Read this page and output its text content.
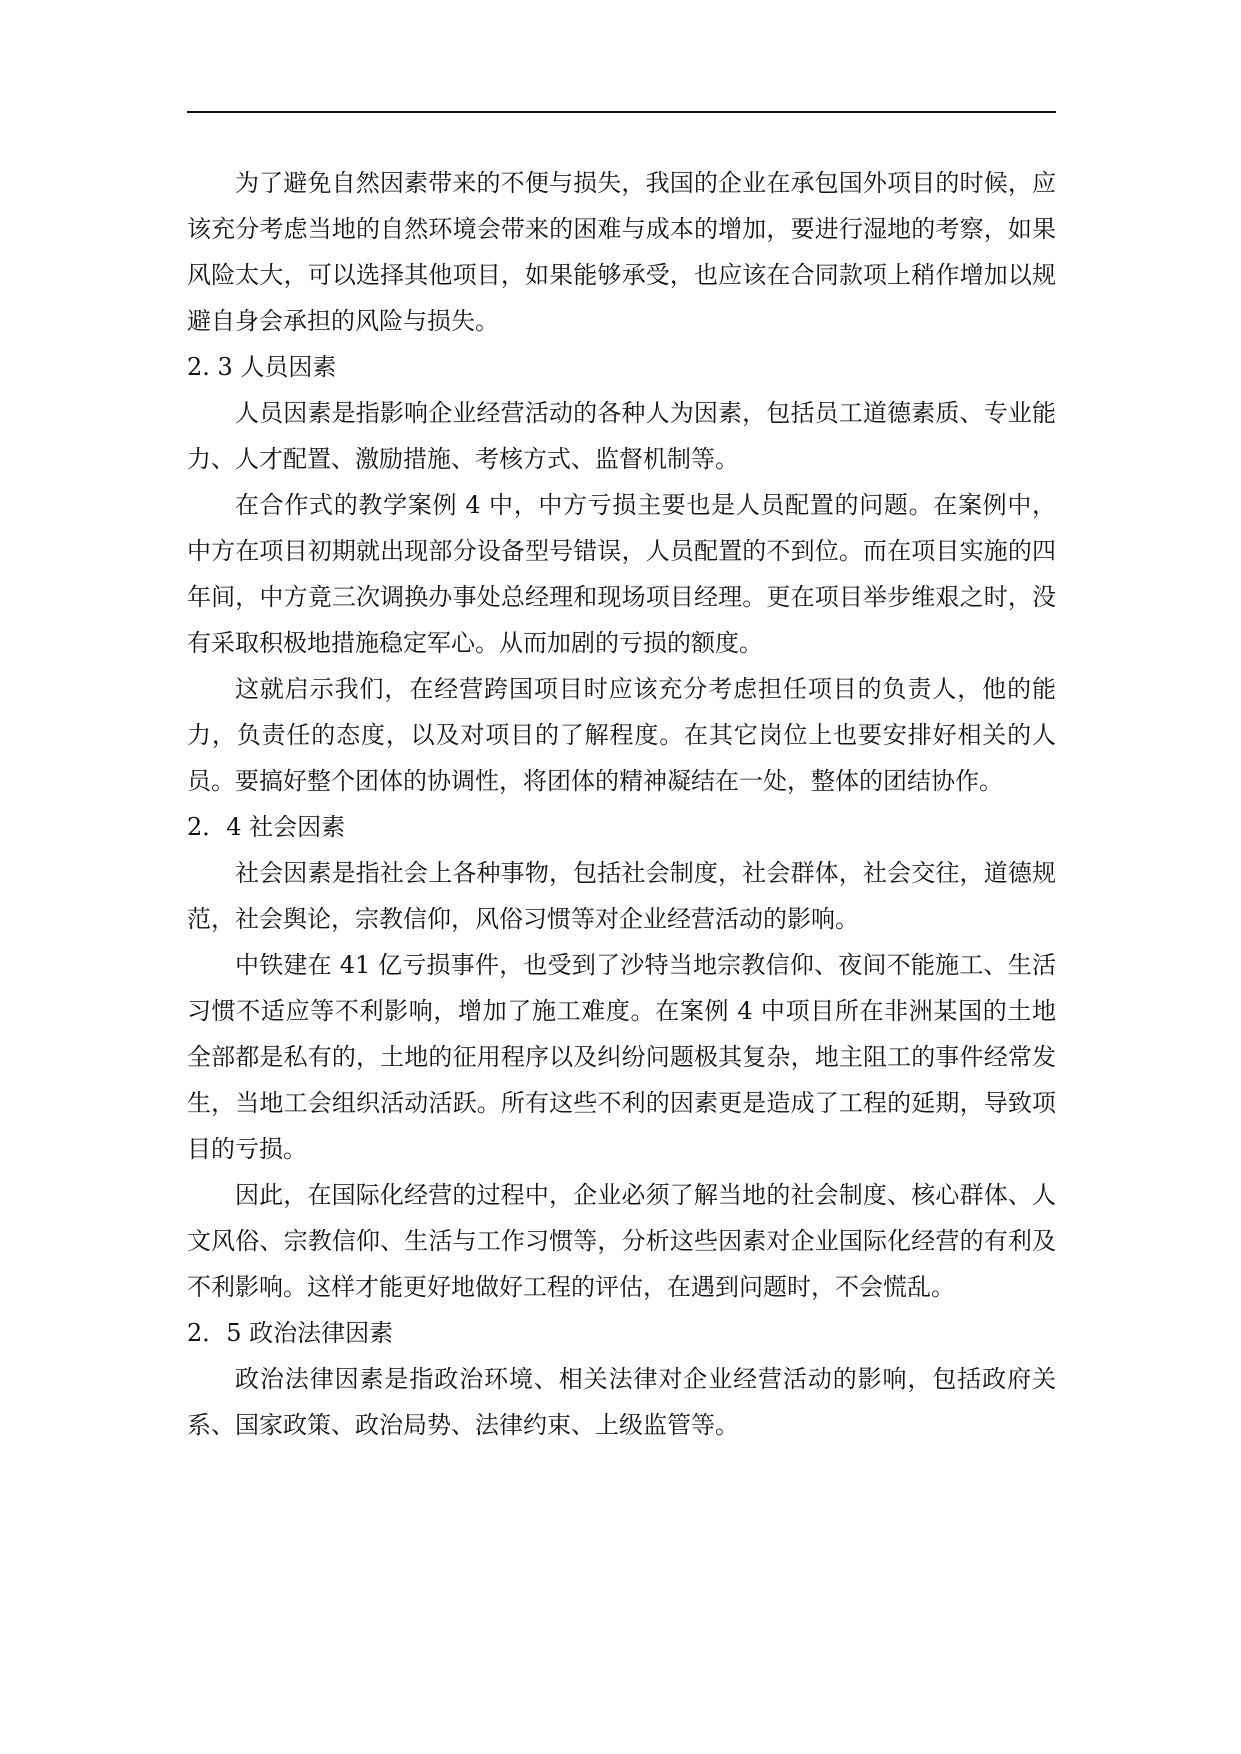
为了避免自然因素带来的不便与损失，我国的企业在承包国外项目的时候，应该充分考虑当地的自然环境会带来的困难与成本的增加，要进行湿地的考察，如果风险太大，可以选择其他项目，如果能够承受，也应该在合同款项上稍作增加以规避自身会承担的风险与损失。

2. 3 人员因素

人员因素是指影响企业经营活动的各种人为因素，包括员工道德素质、专业能力、人才配置、激励措施、考核方式、监督机制等。

在合作式的教学案例 4 中，中方亏损主要也是人员配置的问题。在案例中，中方在项目初期就出现部分设备型号错误，人员配置的不到位。而在项目实施的四年间，中方竟三次调换办事处总经理和现场项目经理。更在项目举步维艰之时，没有采取积极地措施稳定军心。从而加剧的亏损的额度。

这就启示我们，在经营跨国项目时应该充分考虑担任项目的负责人，他的能力，负责任的态度，以及对项目的了解程度。在其它岗位上也要安排好相关的人员。要搞好整个团体的协调性，将团体的精神凝结在一处，整体的团结协作。

2．4 社会因素

社会因素是指社会上各种事物，包括社会制度，社会群体，社会交往，道德规范，社会舆论，宗教信仰，风俗习惯等对企业经营活动的影响。

中铁建在 41 亿亏损事件，也受到了沙特当地宗教信仰、夜间不能施工、生活习惯不适应等不利影响，增加了施工难度。在案例 4 中项目所在非洲某国的土地全部都是私有的，土地的征用程序以及纠纷问题极其复杂，地主阻工的事件经常发生，当地工会组织活动活跃。所有这些不利的因素更是造成了工程的延期，导致项目的亏损。

因此，在国际化经营的过程中，企业必须了解当地的社会制度、核心群体、人文风俗、宗教信仰、生活与工作习惯等，分析这些因素对企业国际化经营的有利及不利影响。这样才能更好地做好工程的评估，在遇到问题时，不会慌乱。

2．5 政治法律因素

政治法律因素是指政治环境、相关法律对企业经营活动的影响，包括政府关系、国家政策、政治局势、法律约束、上级监管等。
